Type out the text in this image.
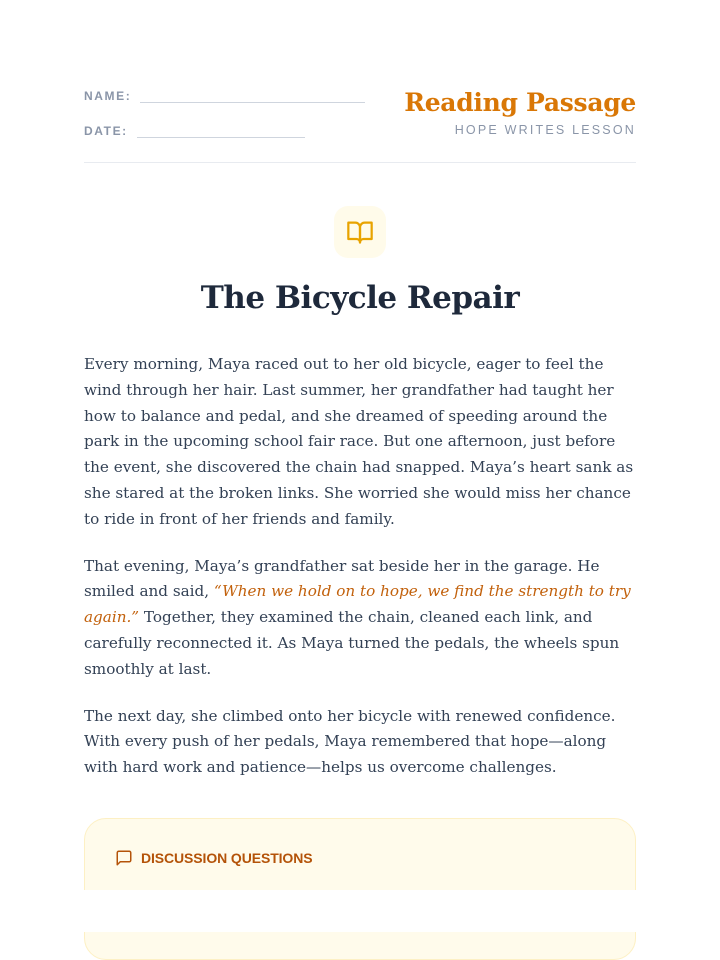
NAME:
DATE:
Reading Passage
HOPE WRITES LESSON
The Bicycle Repair

Every morning, Maya raced out to her old bicycle, eager to feel the wind through her hair. Last summer, her grandfather had taught her how to balance and pedal, and she dreamed of speeding around the park in the upcoming school fair race. But one afternoon, just before the event, she discovered the chain had snapped. Maya’s heart sank as she stared at the broken links. She worried she would miss her chance to ride in front of her friends and family.

That evening, Maya’s grandfather sat beside her in the garage. He smiled and said, “When we hold on to hope, we find the strength to try again.” Together, they examined the chain, cleaned each link, and carefully reconnected it. As Maya turned the pedals, the wheels spun smoothly at last.

The next day, she climbed onto her bicycle with renewed confidence. With every push of her pedals, Maya remembered that hope—along with hard work and patience—helps us overcome challenges.

DISCUSSION QUESTIONS
